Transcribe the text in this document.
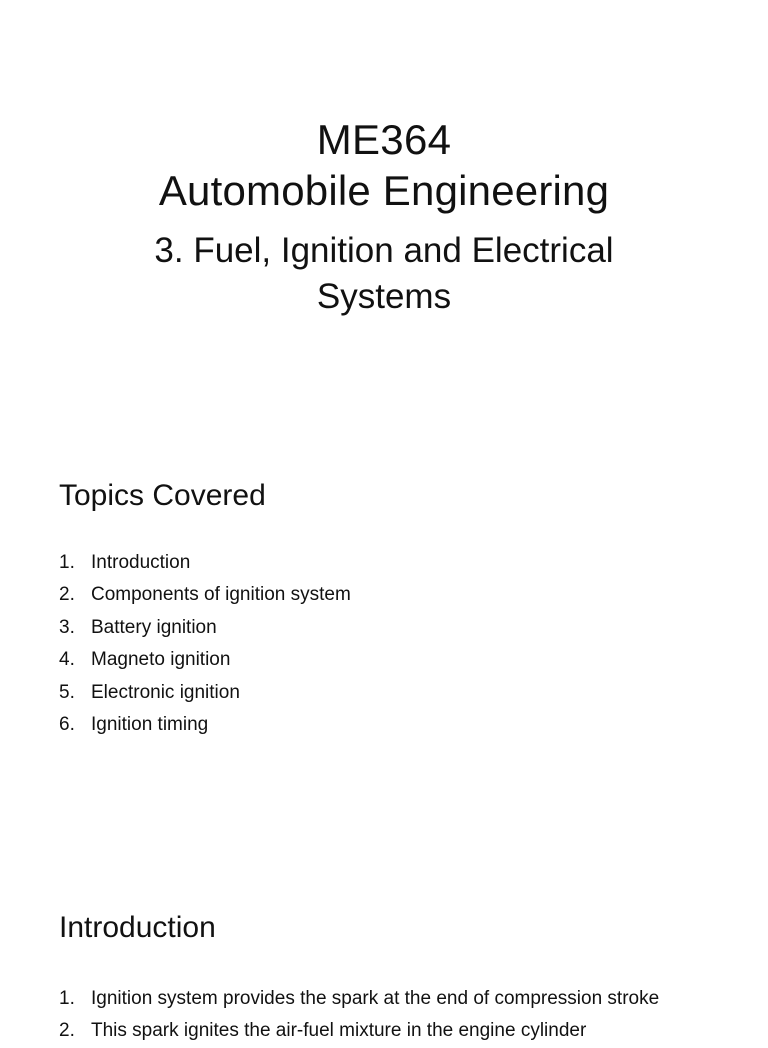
ME364
Automobile Engineering
3. Fuel, Ignition and Electrical Systems
Topics Covered
1. Introduction
2. Components of ignition system
3. Battery ignition
4. Magneto ignition
5. Electronic ignition
6. Ignition timing
Introduction
1. Ignition system provides the spark at the end of compression stroke
2. This spark ignites the air-fuel mixture in the engine cylinder
